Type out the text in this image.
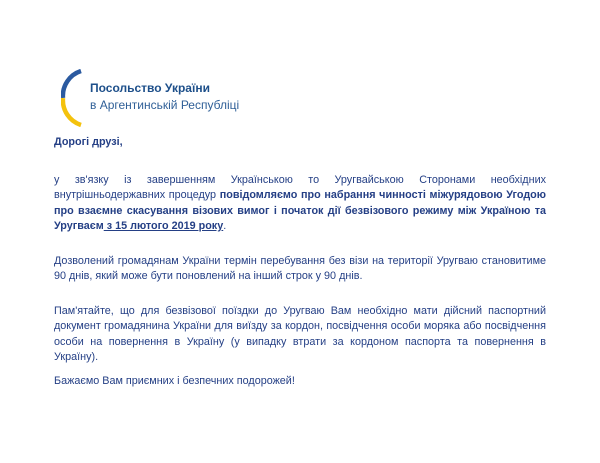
Посольство України
в Аргентинській Республіці

Дорогі друзі,

у зв'язку із завершенням Українською то Уругвайською Сторонами необхідних внутрішньодержавних процедур повідомляємо про набрання чинності міжурядовою Угодою про взаємне скасування візових вимог і початок дії безвізового режиму між Україною та Уругваєм з 15 лютого 2019 року.

Дозволений громадянам України термін перебування без візи на території Уругваю становитиме 90 днів, який може бути поновлений на інший строк у 90 днів.

Пам'ятайте, що для безвізової поїздки до Уругваю Вам необхідно мати дійсний паспортний документ громадянина України для виїзду за кордон, посвідчення особи моряка або посвідчення особи на повернення в Україну (у випадку втрати за кордоном паспорта та повернення в Україну).

Бажаємо Вам приємних і безпечних подорожей!
